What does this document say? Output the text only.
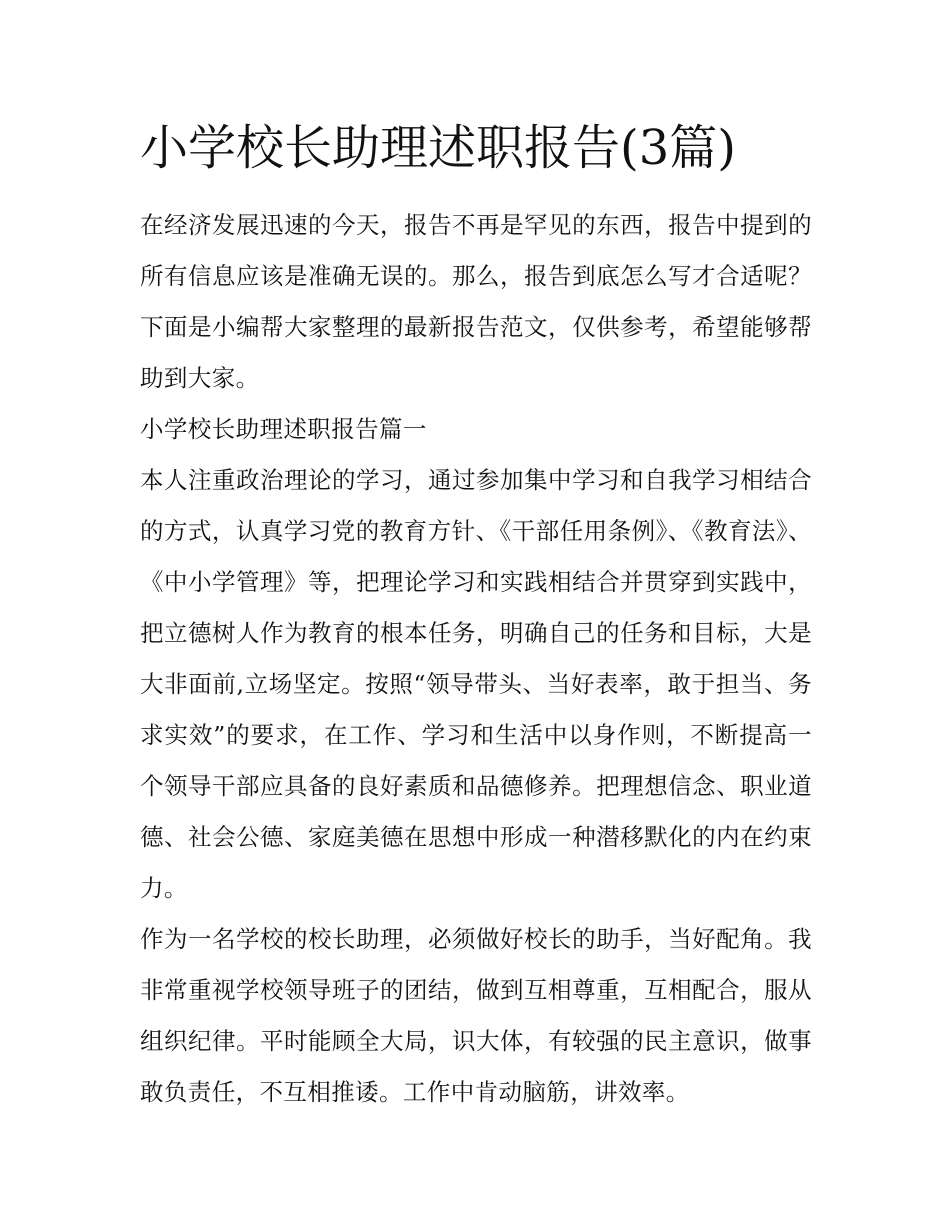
小学校长助理述职报告(3篇)

在经济发展迅速的今天，报告不再是罕见的东西，报告中提到的所有信息应该是准确无误的。那么，报告到底怎么写才合适呢？下面是小编帮大家整理的最新报告范文，仅供参考，希望能够帮助到大家。

小学校长助理述职报告篇一

本人注重政治理论的学习，通过参加集中学习和自我学习相结合的方式，认真学习党的教育方针、《干部任用条例》、《教育法》、《中小学管理》等，把理论学习和实践相结合并贯穿到实践中，把立德树人作为教育的根本任务，明确自己的任务和目标，大是大非面前,立场坚定。按照“领导带头、当好表率，敢于担当、务求实效”的要求，在工作、学习和生活中以身作则，不断提高一个领导干部应具备的良好素质和品德修养。把理想信念、职业道德、社会公德、家庭美德在思想中形成一种潜移默化的内在约束力。

作为一名学校的校长助理，必须做好校长的助手，当好配角。我非常重视学校领导班子的团结，做到互相尊重，互相配合，服从组织纪律。平时能顾全大局，识大体，有较强的民主意识，做事敢负责任，不互相推诿。工作中肯动脑筋，讲效率。
